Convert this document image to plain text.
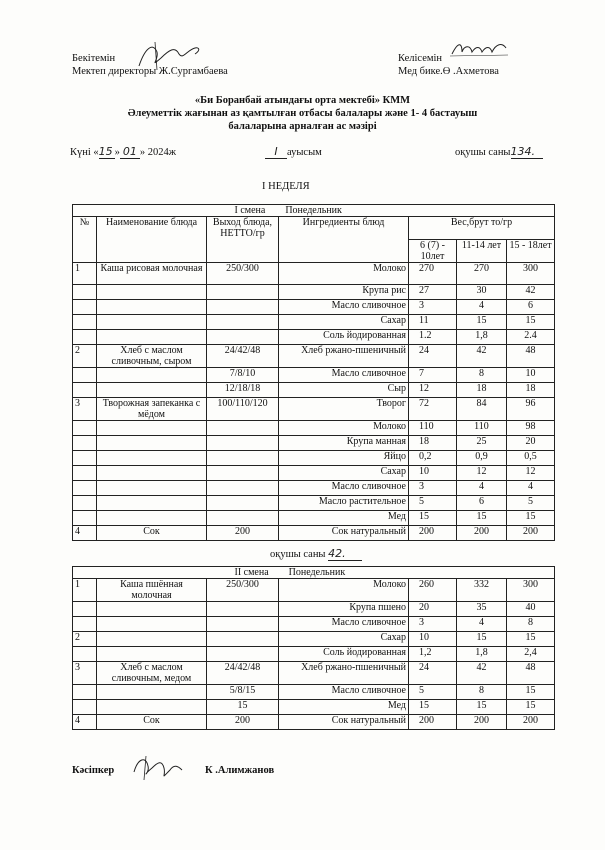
Бекітемін
Мектеп директоры Ж.Сургамбаева
Келісемін
Мед бике.Ө .Ахметова
«Би Боранбай атындағы орта мектебі» КММ
Әлеуметтік жағынан аз қамтылған отбасы балалары және 1- 4 бастауыш
балаларына арналған ас мәзірі
Күні «15 » 01 » 2024ж	I ауысым	оқушы саны134.
I НЕДЕЛЯ
		I смена Понедельник				
№	Наименование блюда	Выход блюда, НЕТТО/гр	Ингредиенты блюд	Вес,брут то/гр		
				6 (7) - 10лет	11-14 лет	15 - 18лет
1	Каша рисовая молочная	250/300	Молоко	270	270	300
			Крупа рис	27	30	42
			Масло сливочное	3	4	6
			Сахар	11	15	15
			Соль йодированная	1.2	1,8	2.4
2	Хлеб с маслом сливочным, сыром	24/42/48	Хлеб ржано-пшеничный	24	42	48
		7/8/10	Масло сливочное	7	8	10
		12/18/18	Сыр	12	18	18
3	Творожная запеканка с мёдом	100/110/120	Творог	72	84	96
			Молоко	110	110	98
			Крупа манная	18	25	20
			Яйцо	0,2	0,9	0,5
			Сахар	10	12	12
			Масло сливочное	3	4	4
			Масло растительное	5	6	5
			Мед	15	15	15
4	Сок	200	Сок натуральный	200	200	200
оқушы саны 42.
		II смена Понедельник				
1	Каша пшённая молочная	250/300	Молоко	260	332	300
			Крупа пшено	20	35	40
			Масло сливочное	3	4	8
2			Сахар	10	15	15
			Соль йодированная	1,2	1,8	2,4
3	Хлеб с маслом сливочным, медом	24/42/48	Хлеб ржано-пшеничный	24	42	48
		5/8/15	Масло сливочное	5	8	15
		15	Мед	15	15	15
4	Сок	200	Сок натуральный	200	200	200
Кәсіпкер	К .Алимжанов
